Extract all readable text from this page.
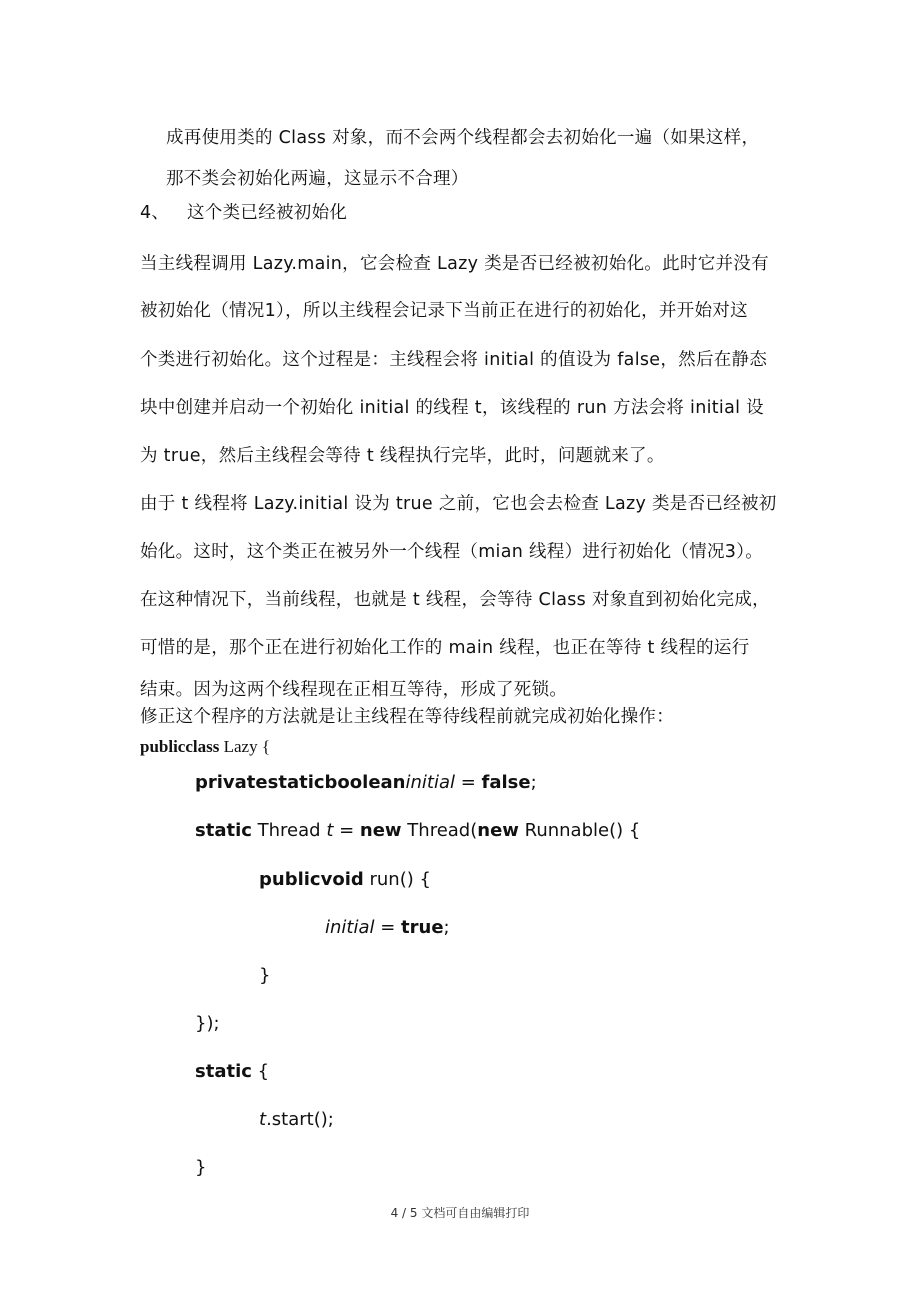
成再使用类的 Class 对象，而不会两个线程都会去初始化一遍（如果这样，
那不类会初始化两遍，这显示不合理）
4、 这个类已经被初始化
当主线程调用 Lazy.main，它会检查 Lazy 类是否已经被初始化。此时它并没有
被初始化（情况1），所以主线程会记录下当前正在进行的初始化，并开始对这
个类进行初始化。这个过程是：主线程会将 initial 的值设为 false，然后在静态
块中创建并启动一个初始化 initial 的线程 t，该线程的 run 方法会将 initial 设
为 true，然后主线程会等待 t 线程执行完毕，此时，问题就来了。
由于 t 线程将 Lazy.initial 设为 true 之前，它也会去检查 Lazy 类是否已经被初
始化。这时，这个类正在被另外一个线程（mian 线程）进行初始化（情况3）。
在这种情况下，当前线程，也就是 t 线程，会等待 Class 对象直到初始化完成，
可惜的是，那个正在进行初始化工作的 main 线程，也正在等待 t 线程的运行
结束。因为这两个线程现在正相互等待，形成了死锁。
修正这个程序的方法就是让主线程在等待线程前就完成初始化操作：
publicclass Lazy {
privatestaticbooleaninitial = false;
static Thread t = new Thread(new Runnable() {
publicvoid run() {
initial = true;
}
});
static {
t.start();
}
4 / 5 文档可自由编辑打印
